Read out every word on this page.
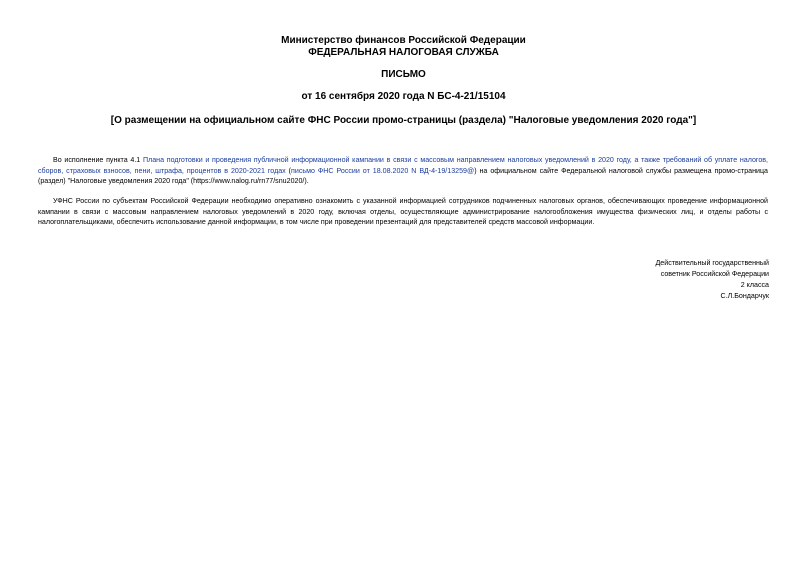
Министерство финансов Российской Федерации
ФЕДЕРАЛЬНАЯ НАЛОГОВАЯ СЛУЖБА
ПИСЬМО
от 16 сентября 2020 года N БС-4-21/15104
[О размещении на официальном сайте ФНС России промо-страницы (раздела) "Налоговые уведомления 2020 года"]
Во исполнение пункта 4.1 Плана подготовки и проведения публичной информационной кампании в связи с массовым направлением налоговых уведомлений в 2020 году, а также требований об уплате налогов, сборов, страховых взносов, пени, штрафа, процентов в 2020-2021 годах (письмо ФНС России от 18.08.2020 N ВД-4-19/13259@) на официальном сайте Федеральной налоговой службы размещена промо-страница (раздел) "Налоговые уведомления 2020 года" (https://www.nalog.ru/rn77/snu2020/).
УФНС России по субъектам Российской Федерации необходимо оперативно ознакомить с указанной информацией сотрудников подчиненных налоговых органов, обеспечивающих проведение информационной кампании в связи с массовым направлением налоговых уведомлений в 2020 году, включая отделы, осуществляющие администрирование налогообложения имущества физических лиц, и отделы работы с налогоплательщиками, обеспечить использование данной информации, в том числе при проведении презентаций для представителей средств массовой информации.
Действительный государственный
советник Российской Федерации
2 класса
С.Л.Бондарчук
